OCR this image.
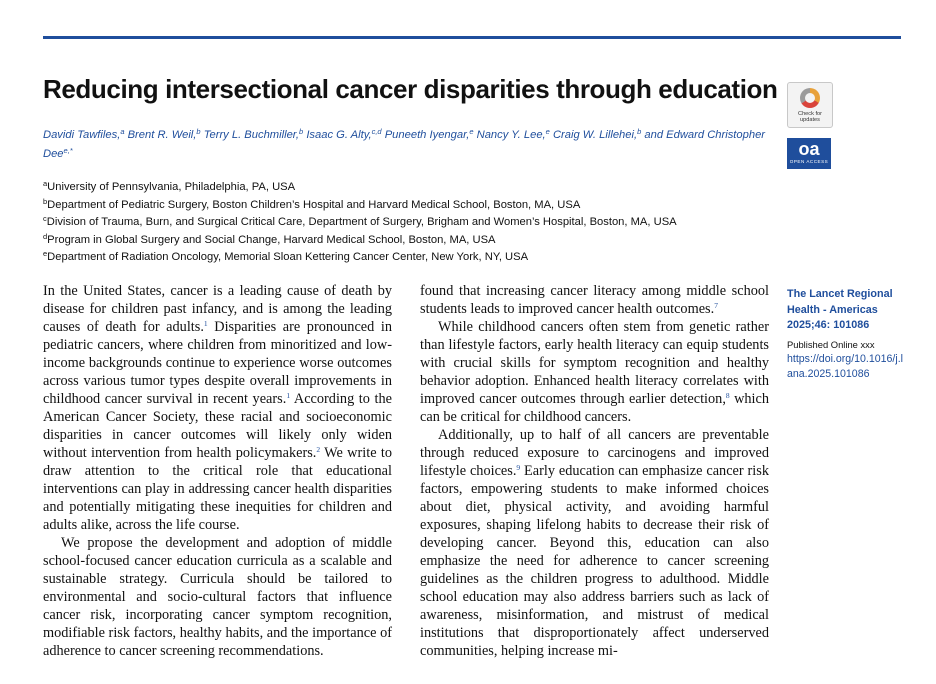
Reducing intersectional cancer disparities through education
Davidi Tawfiles,$^a$ Brent R. Weil,$^b$ Terry L. Buchmiller,$^b$ Isaac G. Alty,$^{c,d}$ Puneeth Iyengar,$^e$ Nancy Y. Lee,$^e$ Craig W. Lillehei,$^b$ and Edward Christopher Dee$^{e,*}$
$^a$University of Pennsylvania, Philadelphia, PA, USA
$^b$Department of Pediatric Surgery, Boston Children’s Hospital and Harvard Medical School, Boston, MA, USA
$^c$Division of Trauma, Burn, and Surgical Critical Care, Department of Surgery, Brigham and Women’s Hospital, Boston, MA, USA
$^d$Program in Global Surgery and Social Change, Harvard Medical School, Boston, MA, USA
$^e$Department of Radiation Oncology, Memorial Sloan Kettering Cancer Center, New York, NY, USA
Check for
updates
oa
OPEN ACCESS

In the United States, cancer is a leading cause of death by disease for children past infancy, and is among the leading causes of death for adults.$^1$ Disparities are pronounced in pediatric cancers, where children from minoritized and low-income backgrounds continue to experience worse outcomes across various tumor types despite overall improvements in childhood cancer survival in recent years.$^1$ According to the American Cancer Society, these racial and socioeconomic disparities in cancer outcomes will likely only widen without intervention from health policymakers.$^2$ We write to draw attention to the critical role that educational interventions can play in addressing cancer health disparities and potentially mitigating these inequities for children and adults alike, across the life course.

We propose the development and adoption of middle school-focused cancer education curricula as a scalable and sustainable strategy. Curricula should be tailored to environmental and socio-cultural factors that influence cancer risk, incorporating cancer symptom recognition, modifiable risk factors, healthy habits, and the importance of adherence to cancer screening recommendations.

found that increasing cancer literacy among middle school students leads to improved cancer health outcomes.$^7$

While childhood cancers often stem from genetic rather than lifestyle factors, early health literacy can equip students with crucial skills for symptom recognition and healthy behavior adoption. Enhanced health literacy correlates with improved cancer outcomes through earlier detection,$^8$ which can be critical for childhood cancers.

Additionally, up to half of all cancers are preventable through reduced exposure to carcinogens and improved lifestyle choices.$^9$ Early education can emphasize cancer risk factors, empowering students to make informed choices about diet, physical activity, and avoiding harmful exposures, shaping lifelong habits to decrease their risk of developing cancer. Beyond this, education can also emphasize the need for adherence to cancer screening guidelines as the children progress to adulthood. Middle school education may also address barriers such as lack of awareness, misinformation, and mistrust of medical institutions that disproportionately affect underserved communities, helping increase mi-

The Lancet Regional Health - Americas 2025;46: 101086
Published Online xxx
https://doi.org/10.1016/j.lana.2025.101086
